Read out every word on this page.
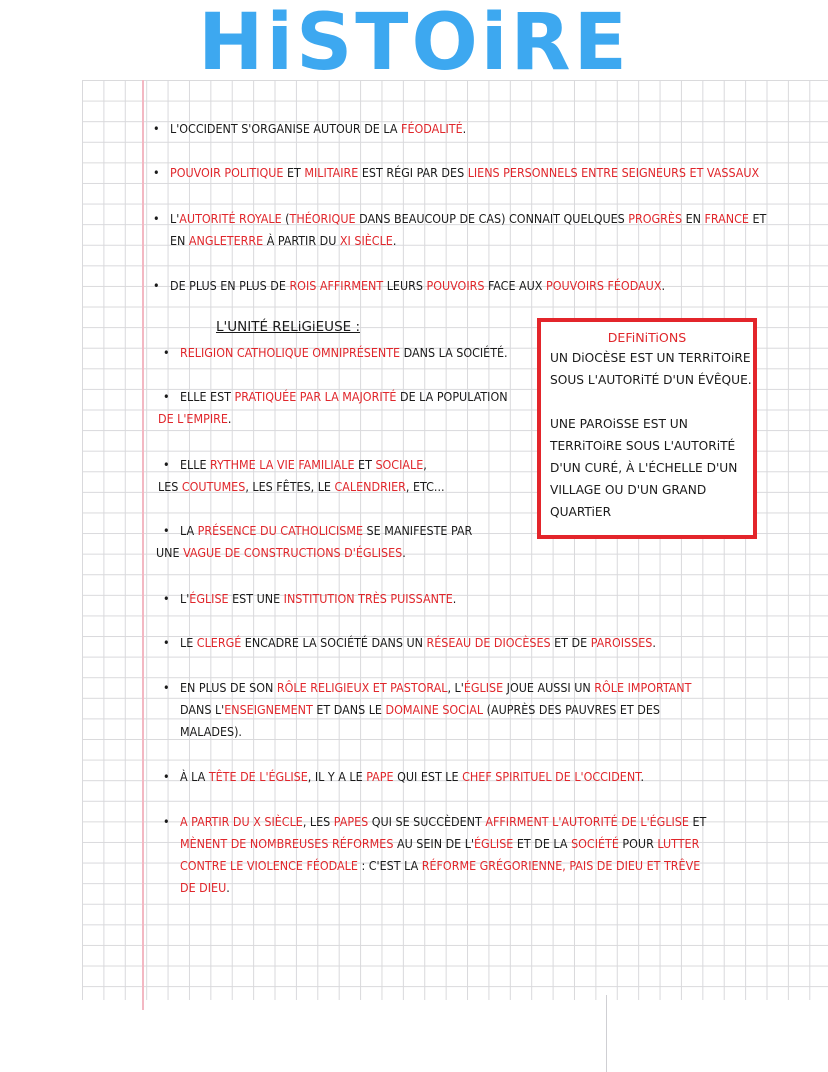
HiSTOiRE
L'UNITÉ RELiGiEUSE :
DEFiNiTiONS
UN DiOCÈSE EST UN TERRiTOiRE
SOUS L'AUTORiTÉ D'UN ÉVÊQUE.
UNE PAROiSSE EST UN
TERRiTOiRE SOUS L'AUTORiTÉ
D'UN CURÉ, À L'ÉCHELLE D'UN
VILLAGE OU D'UN GRAND
QUARTiER
• L'OCCIDENT S'ORGANISE AUTOUR DE LA FÉODALITÉ.
• POUVOIR POLITIQUE ET MILITAIRE EST RÉGI PAR DES LIENS PERSONNELS ENTRE SEIGNEURS ET VASSAUX
• L'AUTORITÉ ROYALE (THÉORIQUE DANS BEAUCOUP DE CAS) CONNAIT QUELQUES PROGRÈS EN FRANCE ET
EN ANGLETERRE À PARTIR DU XI SIÈCLE.
• DE PLUS EN PLUS DE ROIS AFFIRMENT LEURS POUVOIRS FACE AUX POUVOIRS FÉODAUX.
• RELIGION CATHOLIQUE OMNIPRÉSENTE DANS LA SOCIÉTÉ.
• ELLE EST PRATIQUÉE PAR LA MAJORITÉ DE LA POPULATION
DE L'EMPIRE.
• ELLE RYTHME LA VIE FAMILIALE ET SOCIALE,
LES COUTUMES, LES FÊTES, LE CALENDRIER, ETC...
• LA PRÉSENCE DU CATHOLICISME SE MANIFESTE PAR
UNE VAGUE DE CONSTRUCTIONS D'ÉGLISES.
• L'ÉGLISE EST UNE INSTITUTION TRÈS PUISSANTE.
• LE CLERGÉ ENCADRE LA SOCIÉTÉ DANS UN RÉSEAU DE DIOCÈSES ET DE PAROISSES.
• EN PLUS DE SON RÔLE RELIGIEUX ET PASTORAL, L'ÉGLISE JOUE AUSSI UN RÔLE IMPORTANT
DANS L'ENSEIGNEMENT ET DANS LE DOMAINE SOCIAL (AUPRÈS DES PAUVRES ET DES
MALADES).
• À LA TÊTE DE L'ÉGLISE, IL Y A LE PAPE QUI EST LE CHEF SPIRITUEL DE L'OCCIDENT.
• A PARTIR DU X SIÈCLE, LES PAPES QUI SE SUCCÈDENT AFFIRMENT L'AUTORITÉ DE L'ÉGLISE ET
MÈNENT DE NOMBREUSES RÉFORMES AU SEIN DE L'ÉGLISE ET DE LA SOCIÉTÉ POUR LUTTER
CONTRE LE VIOLENCE FÉODALE : C'EST LA RÉFORME GRÉGORIENNE, PAIS DE DIEU ET TRÊVE
DE DIEU.
